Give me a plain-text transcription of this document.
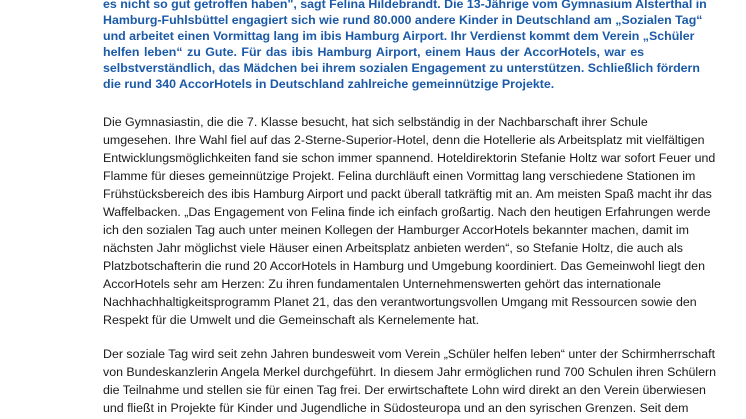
es nicht so gut getroffen haben", sagt Felina Hildebrandt. Die 13-Jährige vom Gymnasium Alsterthal in
Hamburg-Fuhlsbüttel engagiert sich wie rund 80.000 andere Kinder in Deutschland am „Sozialen Tag“
und arbeitet einen Vormittag lang im ibis Hamburg Airport. Ihr Verdienst kommt dem Verein „Schüler
helfen leben“ zu Gute. Für das ibis Hamburg Airport, einem Haus der AccorHotels, war es
selbstverständlich, das Mädchen bei ihrem sozialen Engagement zu unterstützen. Schließlich fördern
die rund 340 AccorHotels in Deutschland zahlreiche gemeinnützige Projekte.
Die Gymnasiastin, die die 7. Klasse besucht, hat sich selbständig in der Nachbarschaft ihrer Schule
umgesehen. Ihre Wahl fiel auf das 2-Sterne-Superior-Hotel, denn die Hotellerie als Arbeitsplatz mit vielfältigen
Entwicklungsmöglichkeiten fand sie schon immer spannend. Hoteldirektorin Stefanie Holtz war sofort Feuer und
Flamme für dieses gemeinnützige Projekt. Felina durchläuft einen Vormittag lang verschiedene Stationen im
Frühstücksbereich des ibis Hamburg Airport und packt überall tatkräftig mit an. Am meisten Spaß macht ihr das
Waffelbacken. „Das Engagement von Felina finde ich einfach großartig. Nach den heutigen Erfahrungen werde
ich den sozialen Tag auch unter meinen Kollegen der Hamburger AccorHotels bekannter machen, damit im
nächsten Jahr möglichst viele Häuser einen Arbeitsplatz anbieten werden“, so Stefanie Holtz, die auch als
Platzbotschafterin die rund 20 AccorHotels in Hamburg und Umgebung koordiniert. Das Gemeinwohl liegt den
AccorHotels sehr am Herzen: Zu ihren fundamentalen Unternehmenswerten gehört das internationale
Nachhachhaltigkeitsprogramm Planet 21, das den verantwortungsvollen Umgang mit Ressourcen sowie den
Respekt für die Umwelt und die Gemeinschaft als Kernelemente hat.
Der soziale Tag wird seit zehn Jahren bundesweit vom Verein „Schüler helfen leben“ unter der Schirmherrschaft
von Bundeskanzlerin Angela Merkel durchgeführt. In diesem Jahr ermöglichen rund 700 Schulen ihren Schülern
die Teilnahme und stellen sie für einen Tag frei. Der erwirtschaftete Lohn wird direkt an den Verein überwiesen
und fließt in Projekte für Kinder und Jugendliche in Südosteuropa und an den syrischen Grenzen. Seit dem
